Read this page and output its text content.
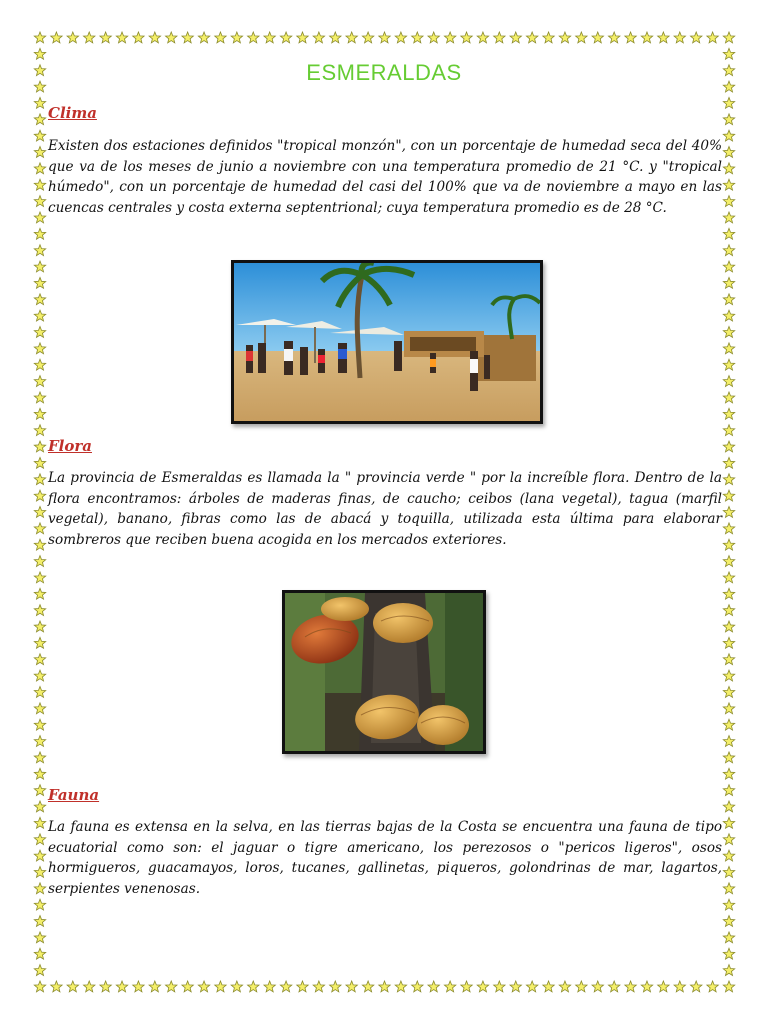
ESMERALDAS
Clima

Existen dos estaciones definidos "tropical monzón", con un porcentaje de humedad seca del 40% que va de los meses de junio a noviembre con una temperatura promedio de 21 °C. y "tropical húmedo", con un porcentaje de humedad del casi del 100% que va de noviembre a mayo en las cuencas centrales y costa externa septentrional; cuya temperatura promedio es de 28 °C.

Flora

La provincia de Esmeraldas es llamada la " provincia verde " por la increíble flora. Dentro de la flora encontramos: árboles de maderas finas, de caucho; ceibos (lana vegetal), tagua (marfil vegetal), banano, fibras como las de abacá y toquilla, utilizada esta última para elaborar sombreros que reciben buena acogida en los mercados exteriores.

Fauna

La fauna es extensa en la selva, en las tierras bajas de la Costa se encuentra una fauna de tipo ecuatorial como son: el jaguar o tigre americano, los perezosos o "pericos ligeros", osos hormigueros, guacamayos, loros, tucanes, gallinetas, piqueros, golondrinas de mar, lagartos, serpientes venenosas.
